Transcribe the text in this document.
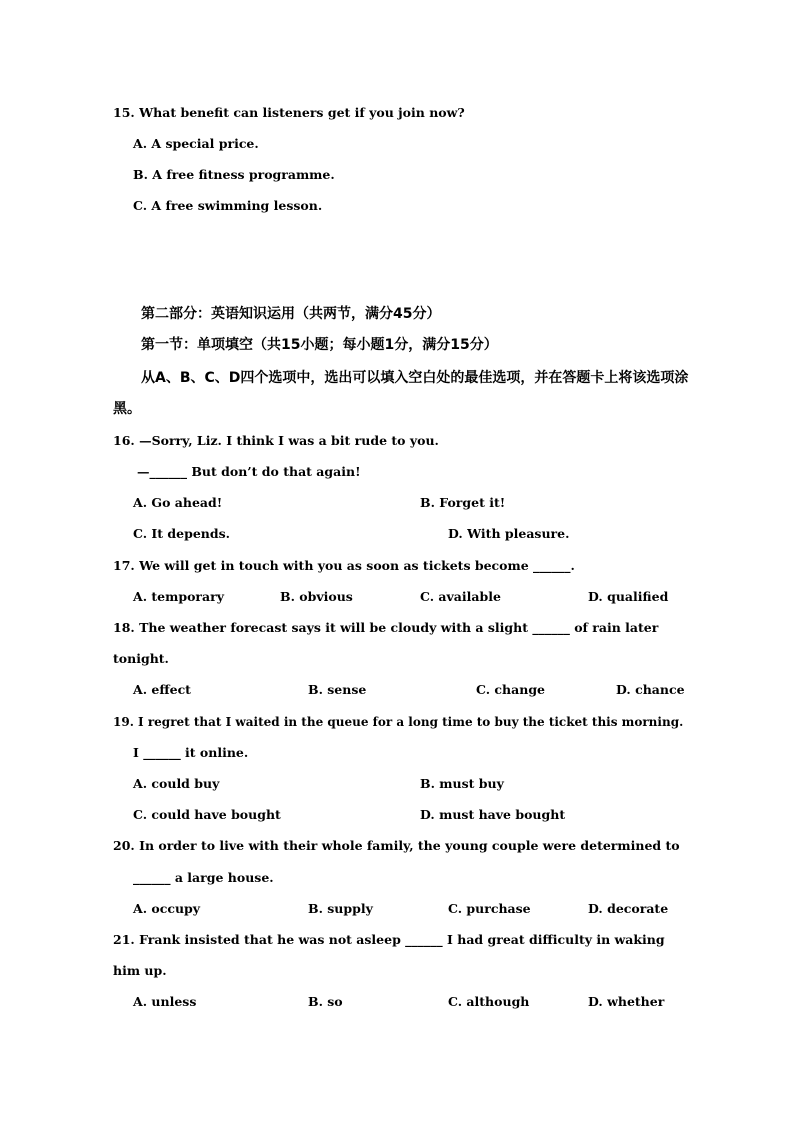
15. What benefit can listeners get if you join now?
A. A special price.
B. A free fitness programme.
C. A free swimming lesson.
第二部分：英语知识运用（共两节，满分45分）
第一节：单项填空（共15小题；每小题1分，满分15分）
从A、B、C、D四个选项中，选出可以填入空白处的最佳选项，并在答题卡上将该选项涂
黑。
16. —Sorry, Liz. I think I was a bit rude to you.
—______ But don’t do that again!
A. Go ahead!	B. Forget it!
C. It depends.	D. With pleasure.
17. We will get in touch with you as soon as tickets become ______.
A. temporary	B. obvious	C. available	D. qualified
18. The weather forecast says it will be cloudy with a slight ______ of rain later
tonight.
A. effect	B. sense	C. change	D. chance
19. I regret that I waited in the queue for a long time to buy the ticket this morning.
I ______ it online.
A. could buy	B. must buy
C. could have bought	D. must have bought
20. In order to live with their whole family, the young couple were determined to
______ a large house.
A. occupy	B. supply	C. purchase	D. decorate
21. Frank insisted that he was not asleep ______ I had great difficulty in waking
him up.
A. unless	B. so	C. although	D. whether
